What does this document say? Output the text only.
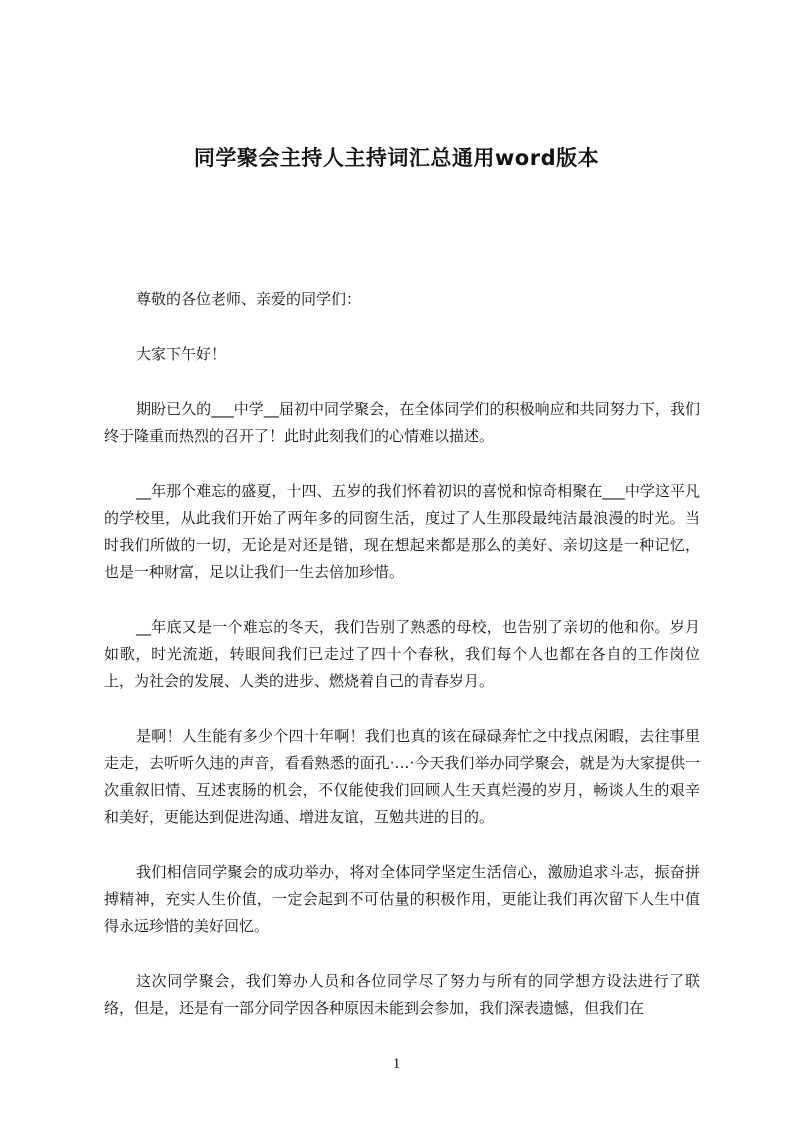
同学聚会主持人主持词汇总通用word版本

尊敬的各位老师、亲爱的同学们：

大家下午好！

期盼已久的___中学__届初中同学聚会，在全体同学们的积极响应和共同努力下，我们终于隆重而热烈的召开了！此时此刻我们的心情难以描述。

__年那个难忘的盛夏，十四、五岁的我们怀着初识的喜悦和惊奇相聚在___中学这平凡的学校里，从此我们开始了两年多的同窗生活，度过了人生那段最纯洁最浪漫的时光。当时我们所做的一切，无论是对还是错，现在想起来都是那么的美好、亲切这是一种记忆，也是一种财富，足以让我们一生去倍加珍惜。

__年底又是一个难忘的冬天，我们告别了熟悉的母校，也告别了亲切的他和你。岁月如歌，时光流逝，转眼间我们已走过了四十个春秋，我们每个人也都在各自的工作岗位上，为社会的发展、人类的进步、燃烧着自己的青春岁月。

是啊！人生能有多少个四十年啊！我们也真的该在碌碌奔忙之中找点闲暇，去往事里走走，去听听久违的声音，看看熟悉的面孔·…·今天我们举办同学聚会，就是为大家提供一次重叙旧情、互述衷肠的机会，不仅能使我们回顾人生天真烂漫的岁月，畅谈人生的艰辛和美好，更能达到促进沟通、增进友谊，互勉共进的目的。

我们相信同学聚会的成功举办，将对全体同学坚定生活信心，激励追求斗志，振奋拼搏精神，充实人生价值，一定会起到不可估量的积极作用，更能让我们再次留下人生中值得永远珍惜的美好回忆。

这次同学聚会，我们筹办人员和各位同学尽了努力与所有的同学想方设法进行了联络，但是，还是有一部分同学因各种原因未能到会参加，我们深表遗憾，但我们在

1
